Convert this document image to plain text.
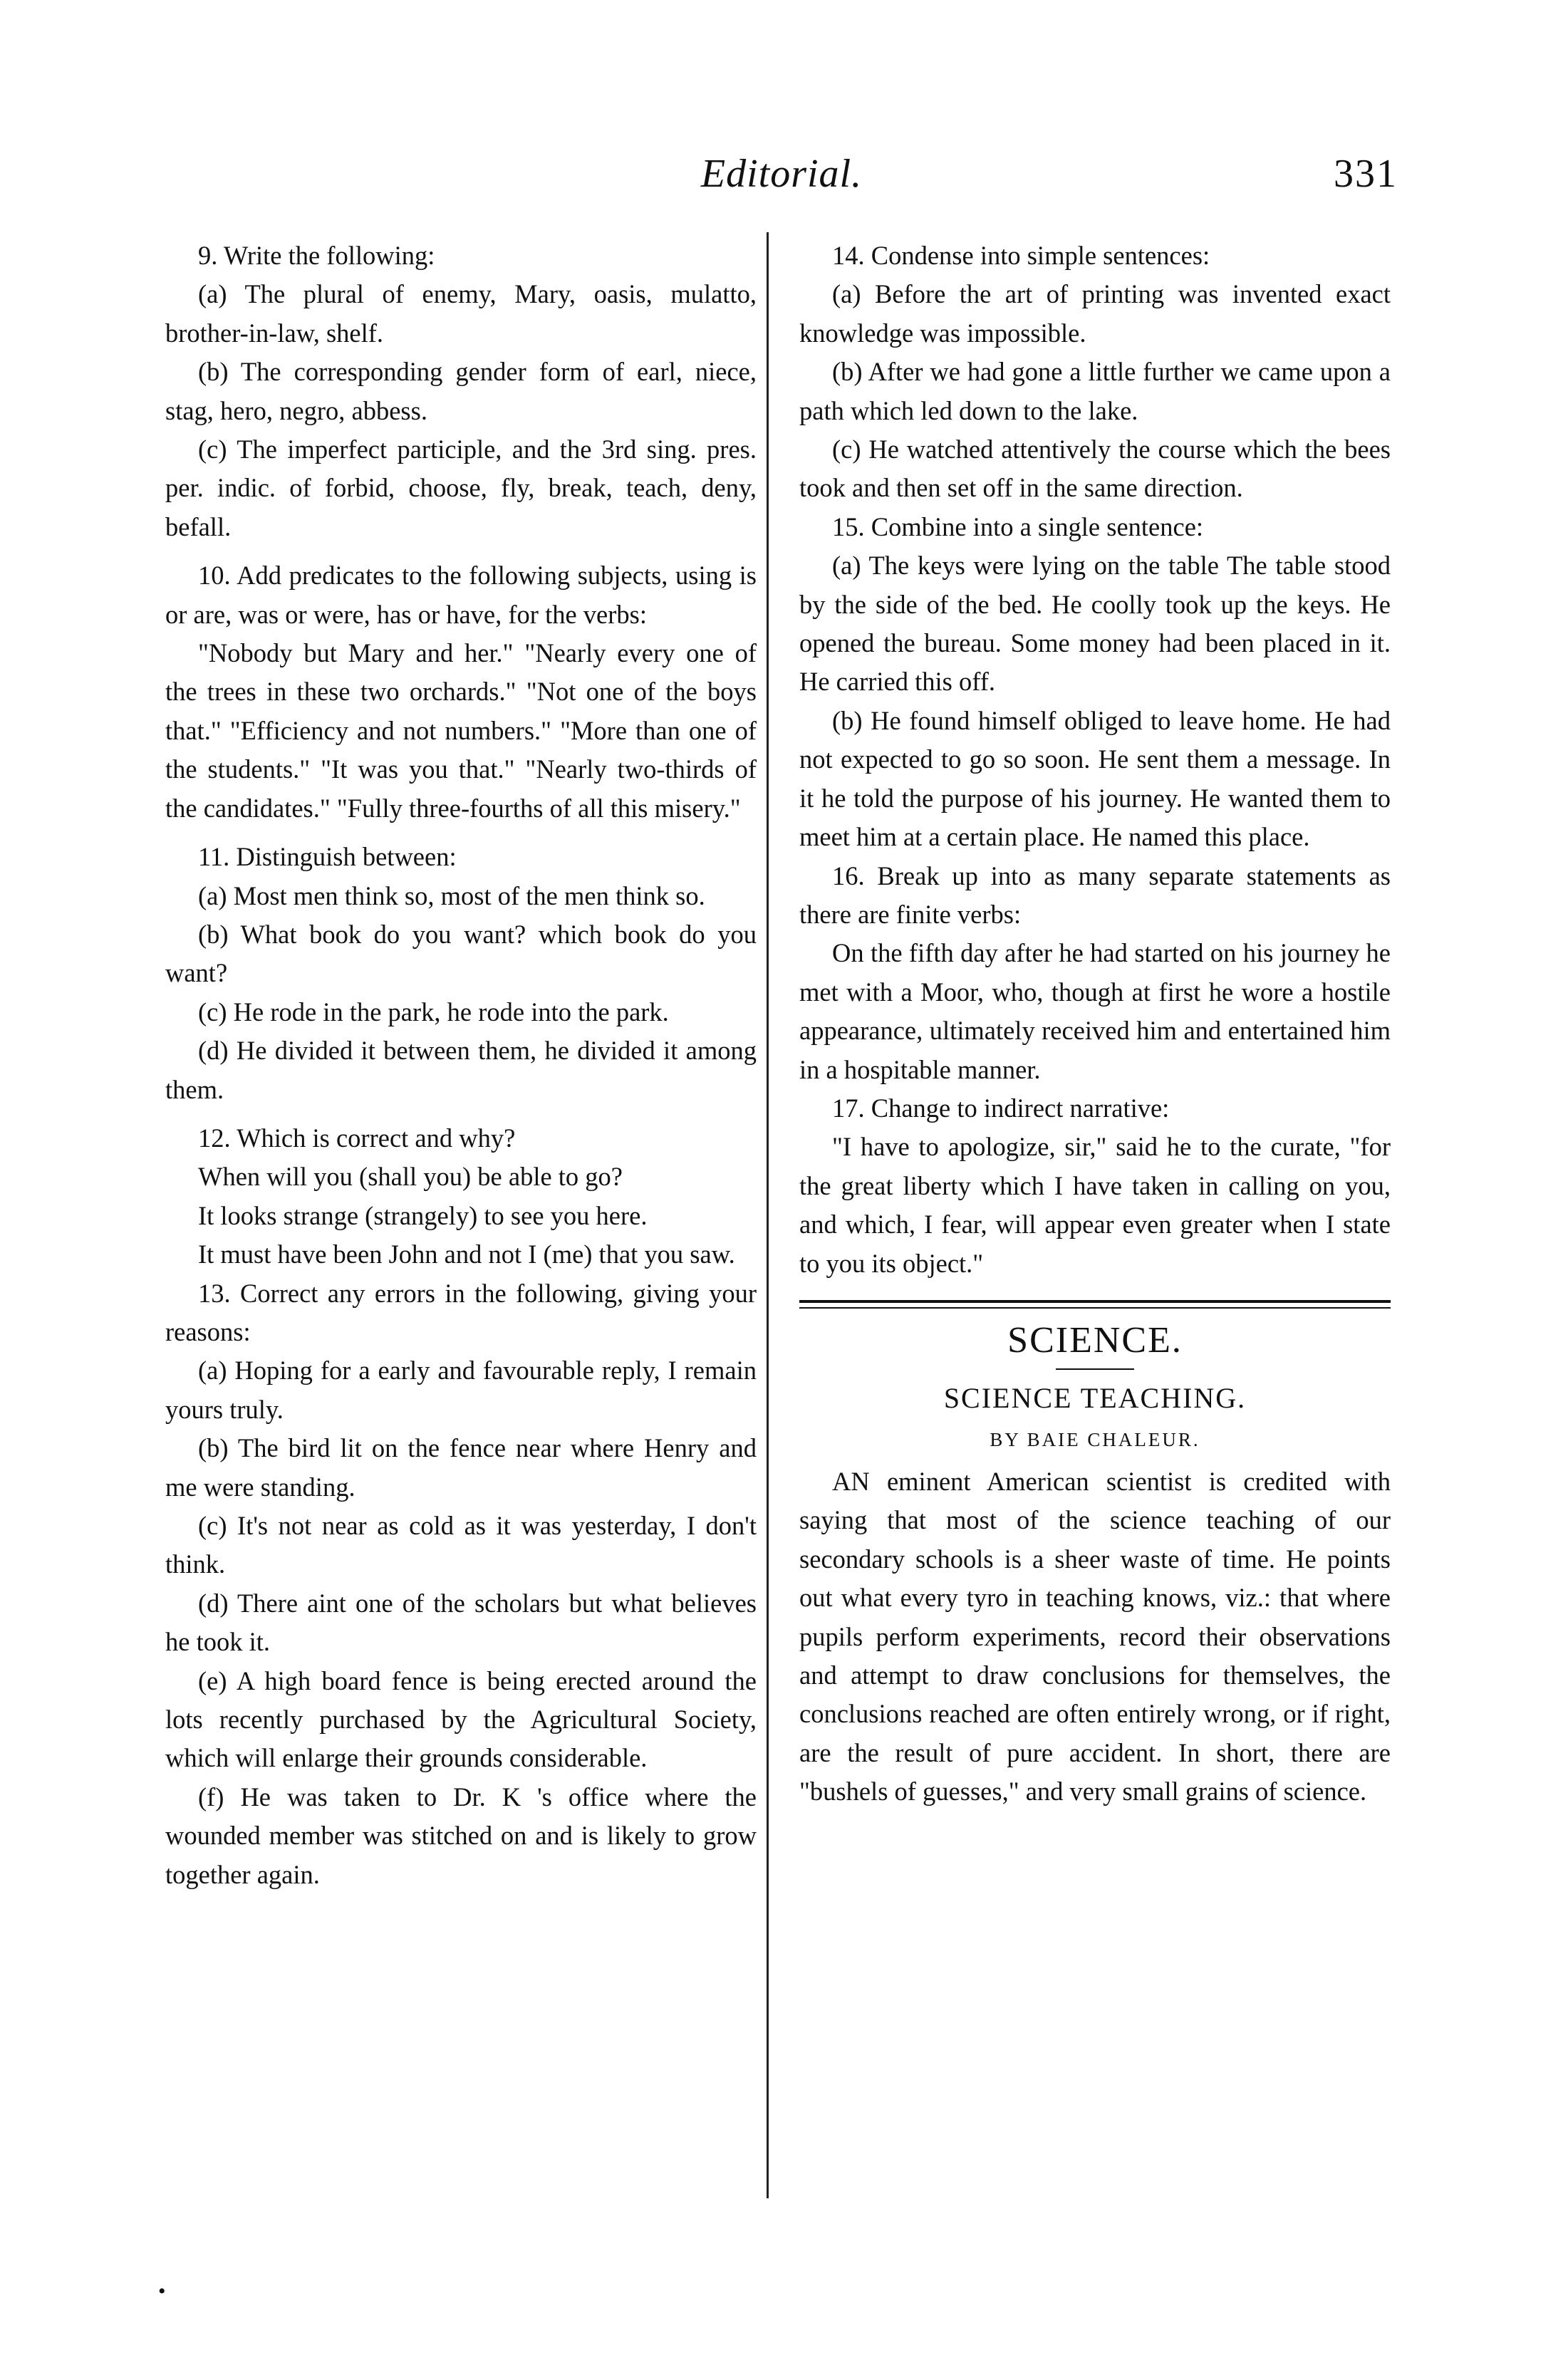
Editorial.	331

9. Write the following:

(a) The plural of enemy, Mary, oasis, mulatto, brother-in-law, shelf.

(b) The corresponding gender form of earl, niece, stag, hero, negro, abbess.

(c) The imperfect participle, and the 3rd sing. pres. per. indic. of forbid, choose, fly, break, teach, deny, befall.

10. Add predicates to the following subjects, using is or are, was or were, has or have, for the verbs:

"Nobody but Mary and her." "Nearly every one of the trees in these two orchards." "Not one of the boys that." "Efficiency and not numbers." "More than one of the students." "It was you that." "Nearly two-thirds of the candidates." "Fully three-fourths of all this misery."

11. Distinguish between:

(a) Most men think so, most of the men think so.

(b) What book do you want? which book do you want?

(c) He rode in the park, he rode into the park.

(d) He divided it between them, he divided it among them.

12. Which is correct and why?

When will you (shall you) be able to go?

It looks strange (strangely) to see you here.

It must have been John and not I (me) that you saw.

13. Correct any errors in the following, giving your reasons:

(a) Hoping for a early and favourable reply, I remain yours truly.

(b) The bird lit on the fence near where Henry and me were standing.

(c) It's not near as cold as it was yesterday, I don't think.

(d) There aint one of the scholars but what believes he took it.

(e) A high board fence is being erected around the lots recently purchased by the Agricultural Society, which will enlarge their grounds considerable.

(f) He was taken to Dr. K 's office where the wounded member was stitched on and is likely to grow together again.

14. Condense into simple sentences:

(a) Before the art of printing was invented exact knowledge was impossible.

(b) After we had gone a little further we came upon a path which led down to the lake.

(c) He watched attentively the course which the bees took and then set off in the same direction.

15. Combine into a single sentence:

(a) The keys were lying on the table The table stood by the side of the bed. He coolly took up the keys. He opened the bureau. Some money had been placed in it. He carried this off.

(b) He found himself obliged to leave home. He had not expected to go so soon. He sent them a message. In it he told the purpose of his journey. He wanted them to meet him at a certain place. He named this place.

16. Break up into as many separate statements as there are finite verbs:

On the fifth day after he had started on his journey he met with a Moor, who, though at first he wore a hostile appearance, ultimately received him and entertained him in a hospitable manner.

17. Change to indirect narrative:

"I have to apologize, sir," said he to the curate, "for the great liberty which I have taken in calling on you, and which, I fear, will appear even greater when I state to you its object."

SCIENCE.
SCIENCE TEACHING.
BY BAIE CHALEUR.

AN eminent American scientist is credited with saying that most of the science teaching of our secondary schools is a sheer waste of time. He points out what every tyro in teaching knows, viz.: that where pupils perform experiments, record their observations and attempt to draw conclusions for themselves, the conclusions reached are often entirely wrong, or if right, are the result of pure accident. In short, there are "bushels of guesses," and very small grains of science.

•
